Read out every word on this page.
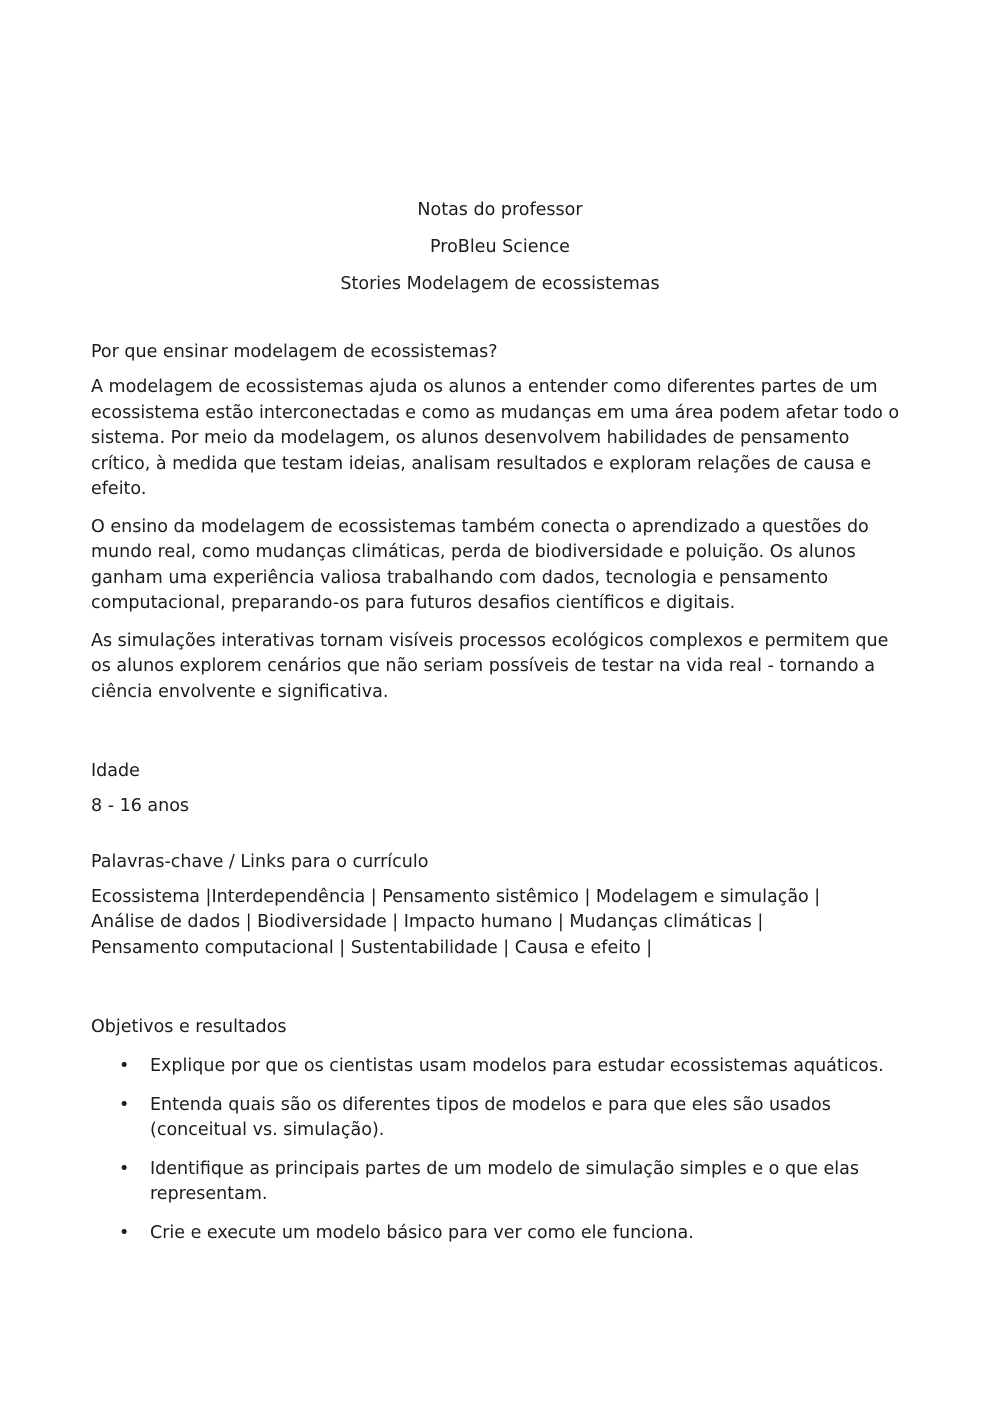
Notas do professor
ProBleu Science
Stories Modelagem de ecossistemas
Por que ensinar modelagem de ecossistemas?

A modelagem de ecossistemas ajuda os alunos a entender como diferentes partes de um ecossistema estão interconectadas e como as mudanças em uma área podem afetar todo o sistema. Por meio da modelagem, os alunos desenvolvem habilidades de pensamento crítico, à medida que testam ideias, analisam resultados e exploram relações de causa e efeito.

O ensino da modelagem de ecossistemas também conecta o aprendizado a questões do mundo real, como mudanças climáticas, perda de biodiversidade e poluição. Os alunos ganham uma experiência valiosa trabalhando com dados, tecnologia e pensamento computacional, preparando-os para futuros desafios científicos e digitais.

As simulações interativas tornam visíveis processos ecológicos complexos e permitem que os alunos explorem cenários que não seriam possíveis de testar na vida real - tornando a ciência envolvente e significativa.

Idade

8 - 16 anos

Palavras-chave / Links para o currículo

Ecossistema |Interdependência | Pensamento sistêmico | Modelagem e simulação |
Análise de dados | Biodiversidade | Impacto humano | Mudanças climáticas |
Pensamento computacional | Sustentabilidade | Causa e efeito |

Objetivos e resultados
• Explique por que os cientistas usam modelos para estudar ecossistemas aquáticos.
• Entenda quais são os diferentes tipos de modelos e para que eles são usados (conceitual vs. simulação).
• Identifique as principais partes de um modelo de simulação simples e o que elas representam.
• Crie e execute um modelo básico para ver como ele funciona.
